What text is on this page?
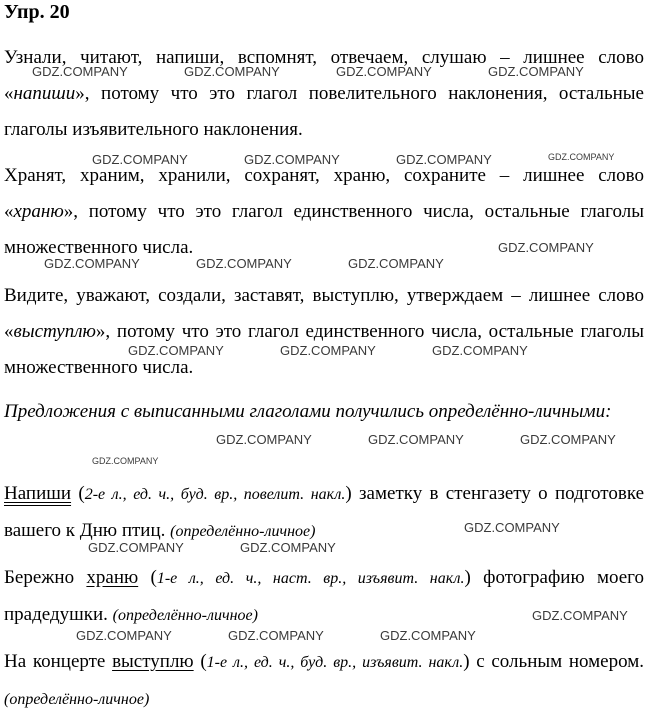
Упр. 20
Узнали, читают, напиши, вспомнят, отвечаем, слушаю – лишнее слово «напиши», потому что это глагол повелительного наклонения, остальные глаголы изъявительного наклонения.
Хранят, храним, хранили, сохранят, храню, сохраните – лишнее слово «храню», потому что это глагол единственного числа, остальные глаголы множественного числа.
Видите, уважают, создали, заставят, выступлю, утверждаем – лишнее слово «выступлю», потому что это глагол единственного числа, остальные глаголы множественного числа.
Предложения с выписанными глаголами получились определённо-личными:
Напиши (2-е л., ед. ч., буд. вр., повелит. накл.) заметку в стенгазету о подготовке вашего к Дню птиц. (определённо-личное)
Бережно храню (1-е л., ед. ч., наст. вр., изъявит. накл.) фотографию моего прадедушки. (определённо-личное)
На концерте выступлю (1-е л., ед. ч., буд. вр., изъявит. накл.) с сольным номером. (определённо-личное)
GDZ.COMPANY	GDZ.COMPANY	GDZ.COMPANY	GDZ.COMPANY
GDZ.COMPANY	GDZ.COMPANY	GDZ.COMPANY	GDZ.COMPANY
GDZ.COMPANY
GDZ.COMPANY	GDZ.COMPANY	GDZ.COMPANY
GDZ.COMPANY	GDZ.COMPANY	GDZ.COMPANY
GDZ.COMPANY	GDZ.COMPANY	GDZ.COMPANY
GDZ.COMPANY
GDZ.COMPANY
GDZ.COMPANY	GDZ.COMPANY
GDZ.COMPANY
GDZ.COMPANY	GDZ.COMPANY	GDZ.COMPANY
